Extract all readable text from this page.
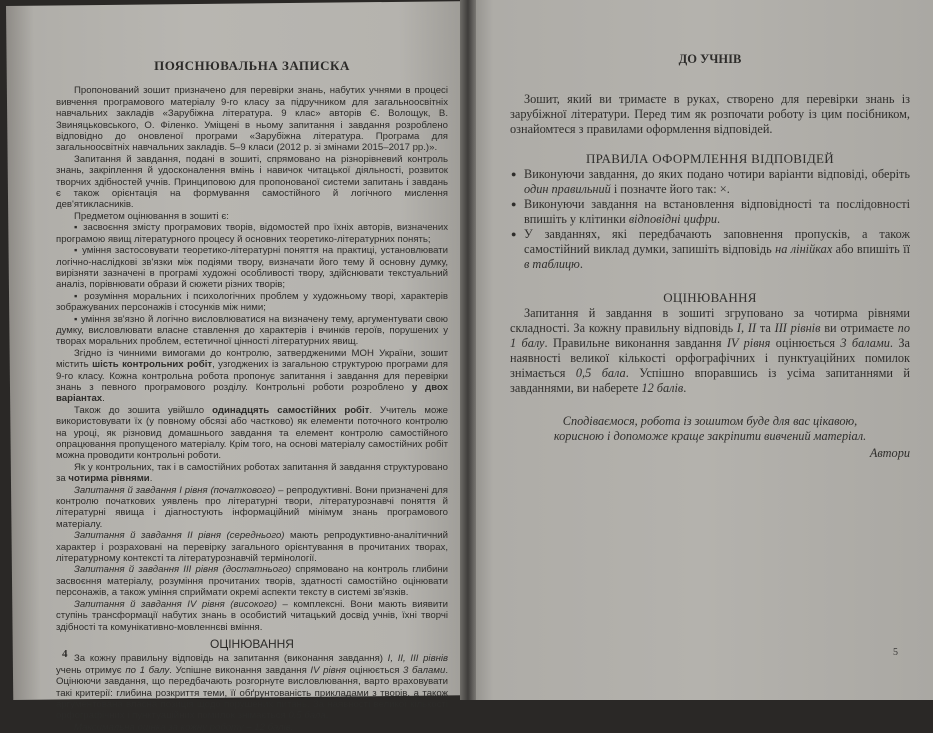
ПОЯСНЮВАЛЬНА ЗАПИСКА

Пропонований зошит призначено для перевірки знань, набутих учнями в процесі вивчення програмового матеріалу 9-го класу за підручником для загальноосвітніх навчальних закладів «Зарубіжна література. 9 клас» авторів Є. Волощук, В. Звиняцьковського, О. Філенко. Уміщені в ньому запитання і завдання розроблено відповідно до оновленої програми «Зарубіжна література. Програма для загальноосвітніх навчальних закладів. 5–9 класи (2012 р. зі змінами 2015–2017 рр.)».

Запитання й завдання, подані в зошиті, спрямовано на різнорівневий контроль знань, закріплення й удосконалення вмінь і навичок читацької діяльності, розвиток творчих здібностей учнів. Принциповою для пропонованої системи запитань і завдань є також орієнтація на формування самостійного й логічного мислення дев'ятикласників.

Предметом оцінювання в зошиті є:

▪ засвоєння змісту програмових творів, відомостей про їхніх авторів, визначених програмою явищ літературного процесу й основних теоретико-літературних понять;
▪ уміння застосовувати теоретико-літературні поняття на практиці, установлювати логічно-наслідкові зв'язки між подіями твору, визначати його тему й основну думку, вирізняти зазначені в програмі художні особливості твору, здійснювати текстуальний аналіз, порівнювати образи й сюжети різних творів;
▪ розуміння моральних і психологічних проблем у художньому творі, характерів зображуваних персонажів і стосунків між ними;
▪ уміння зв'язно й логічно висловлюватися на визначену тему, аргументувати свою думку, висловлювати власне ставлення до характерів і вчинків героїв, порушених у творах моральних проблем, естетичної цінності літературних явищ.

Згідно із чинними вимогами до контролю, затвердженими МОН України, зошит містить шість контрольних робіт, узгоджених із загальною структурою програми для 9-го класу. Кожна контрольна робота пропонує запитання і завдання для перевірки знань з певного програмового розділу. Контрольні роботи розроблено у двох варіантах.

Також до зошита увійшло одинадцять самостійних робіт. Учитель може використовувати їх (у повному обсязі або частково) як елементи поточного контролю на уроці, як різновид домашнього завдання та елемент контролю самостійного опрацювання пропущеного матеріалу. Крім того, на основі матеріалу самостійних робіт можна проводити контрольні роботи.

Як у контрольних, так і в самостійних роботах запитання й завдання структуровано за чотирма рівнями.

Запитання й завдання I рівня (початкового) – репродуктивні. Вони призначені для контролю початкових уявлень про літературні твори, літературознавчі поняття й літературні явища і діагностують інформаційний мінімум знань програмового матеріалу.

Запитання й завдання II рівня (середнього) мають репродуктивно-аналітичний характер і розраховані на перевірку загального орієнтування в прочитаних творах, літературному контексті та літературознавчій термінології.

Запитання й завдання III рівня (достатнього) спрямовано на контроль глибини засвоєння матеріалу, розуміння прочитаних творів, здатності самостійно оцінювати персонажів, а також уміння сприймати окремі аспекти тексту в системі зв'язків.

Запитання й завдання IV рівня (високого) – комплексні. Вони мають виявити ступінь трансформації набутих знань в особистий читацький досвід учнів, їхні творчі здібності та комунікативно-мовленнєві вміння.

ОЦІНЮВАННЯ

За кожну правильну відповідь на запитання (виконання завдання) I, II, III рівнів учень отримує по 1 балу. Успішне виконання завдання IV рівня оцінюється 3 балами. Оцінюючи завдання, що передбачають розгорнуте висловлювання, варто враховувати такі критерії: глибина розкриття теми, її обґрунтованість прикладами з творів, а також аргументована власна позиція щодо порушених питань. За наявності великої кількості орфографічних і пунктуаційних помилок знімається 0,5 бала.

Максимальна оцінка за кожну роботу – 12 балів.

4
ДО УЧНІВ

Зошит, який ви тримаєте в руках, створено для перевірки знань із зарубіжної літератури. Перед тим як розпочати роботу із цим посібником, ознайомтеся з правилами оформлення відповідей.

ПРАВИЛА ОФОРМЛЕННЯ ВІДПОВІДЕЙ
● Виконуючи завдання, до яких подано чотири варіанти відповіді, оберіть один правильний і позначте його так: ×.
● Виконуючи завдання на встановлення відповідності та послідовності впишіть у клітинки відповідні цифри.
● У завданнях, які передбачають заповнення пропусків, а також самостійний виклад думки, запишіть відповідь на лінійках або впишіть її в таблицю.
ОЦІНЮВАННЯ

Запитання й завдання в зошиті згруповано за чотирма рівнями складності. За кожну правильну відповідь I, II та III рівнів ви отримаєте по 1 балу. Правильне виконання завдання IV рівня оцінюється 3 балами. За наявності великої кількості орфографічних і пунктуаційних помилок знімається 0,5 бала. Успішно впоравшись із усіма запитаннями й завданнями, ви наберете 12 балів.

Сподіваємося, робота із зошитом буде для вас цікавою,
корисною і допоможе краще закріпити вивчений матеріал.

Автори

5
